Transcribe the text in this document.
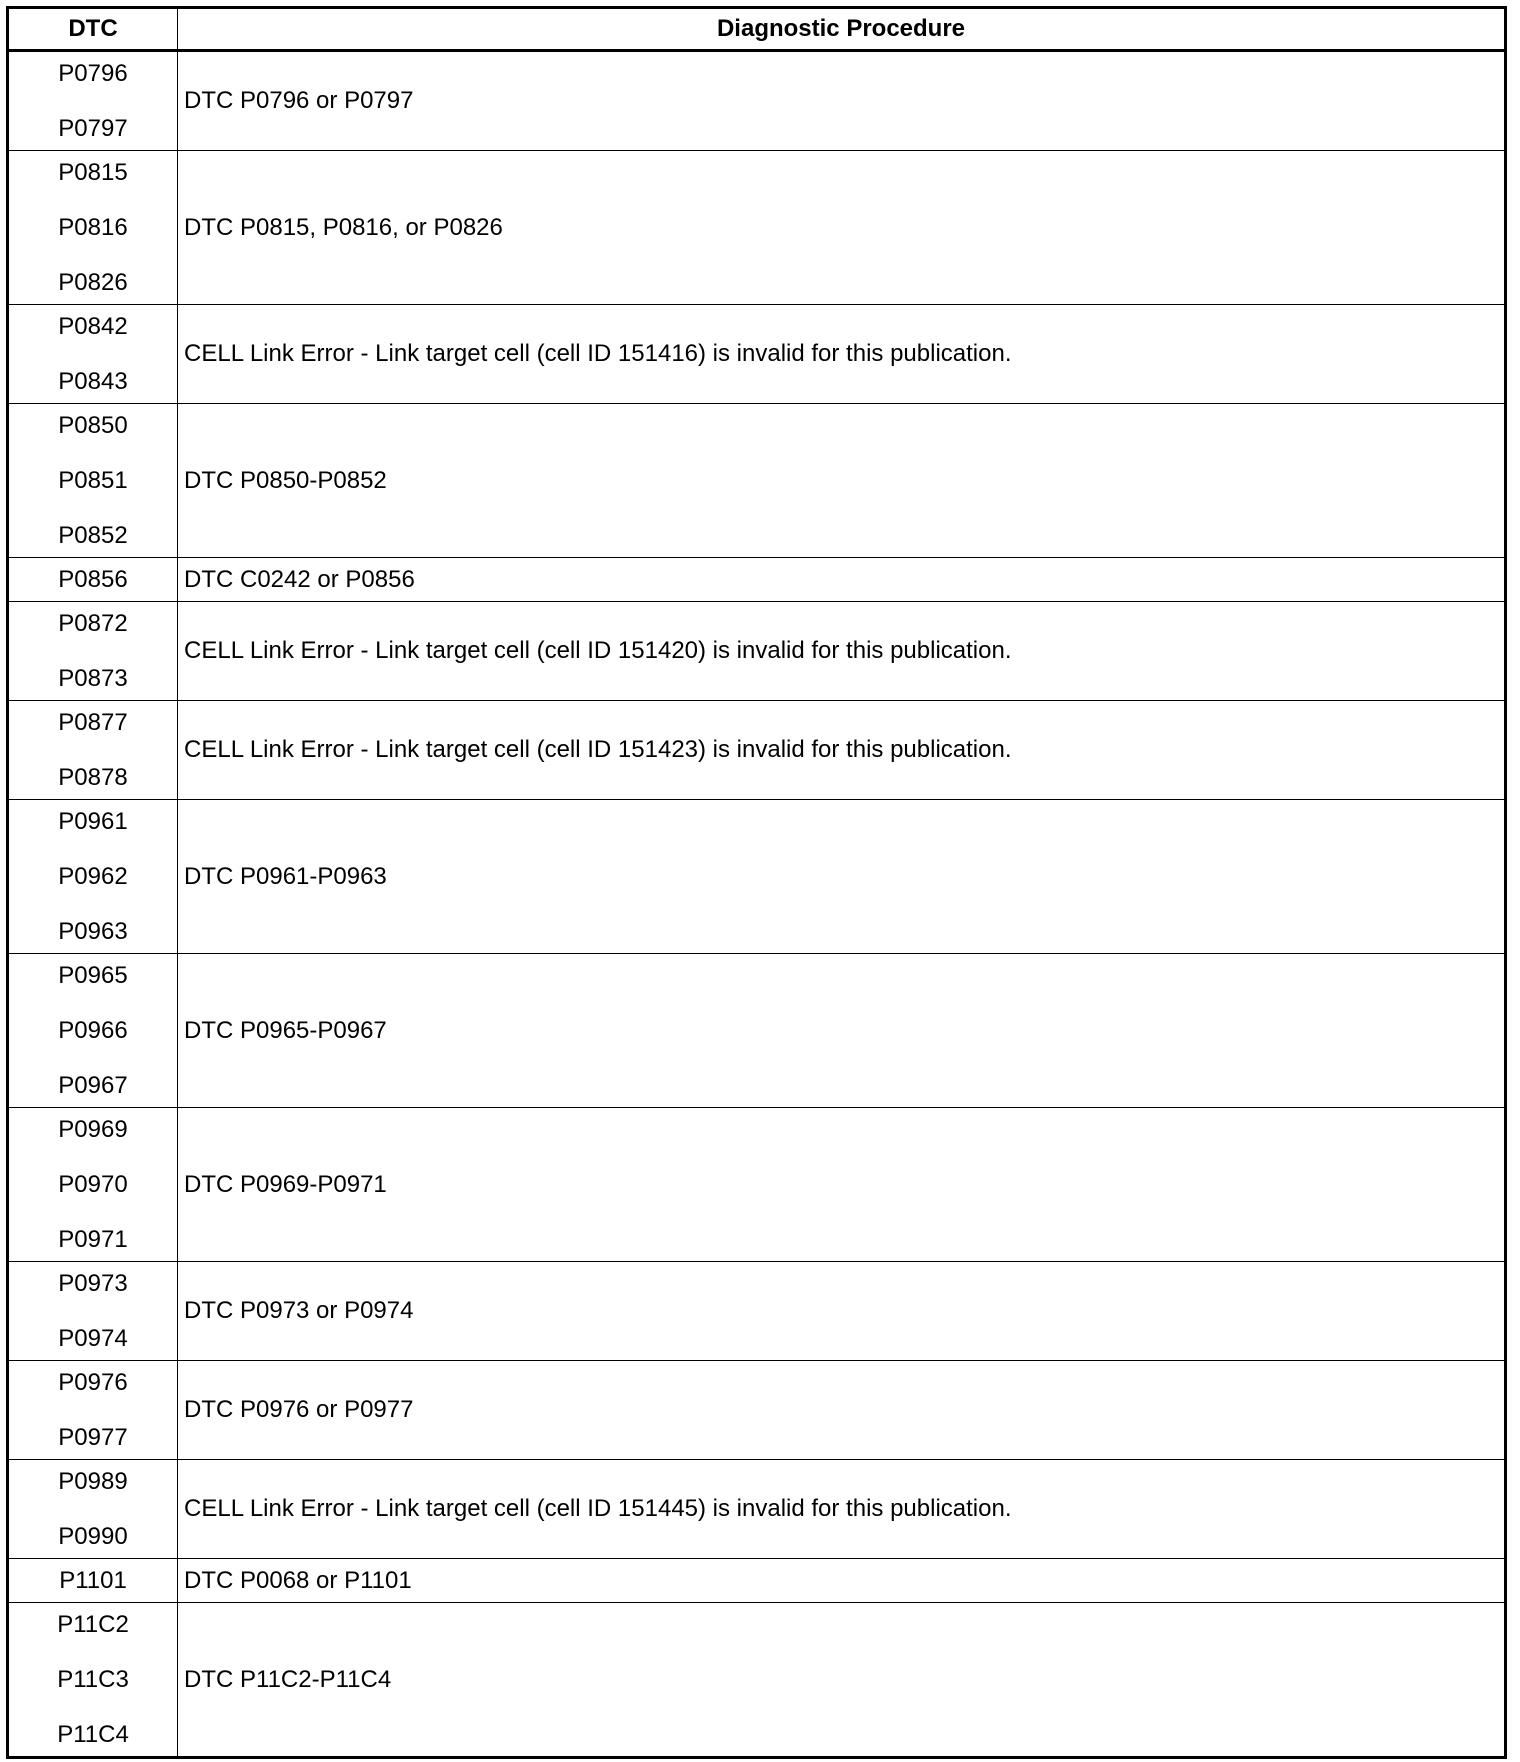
DTC	Diagnostic Procedure

P0796
P0797	DTC P0796 or P0797

P0815
P0816
P0826	DTC P0815, P0816, or P0826

P0842
P0843	CELL Link Error - Link target cell (cell ID 151416) is invalid for this publication.

P0850
P0851
P0852	DTC P0850-P0852

P0856	DTC C0242 or P0856

P0872
P0873	CELL Link Error - Link target cell (cell ID 151420) is invalid for this publication.

P0877
P0878	CELL Link Error - Link target cell (cell ID 151423) is invalid for this publication.

P0961
P0962
P0963	DTC P0961-P0963

P0965
P0966
P0967	DTC P0965-P0967

P0969
P0970
P0971	DTC P0969-P0971

P0973
P0974	DTC P0973 or P0974

P0976
P0977	DTC P0976 or P0977

P0989
P0990	CELL Link Error - Link target cell (cell ID 151445) is invalid for this publication.

P1101	DTC P0068 or P1101

P11C2
P11C3
P11C4	DTC P11C2-P11C4
